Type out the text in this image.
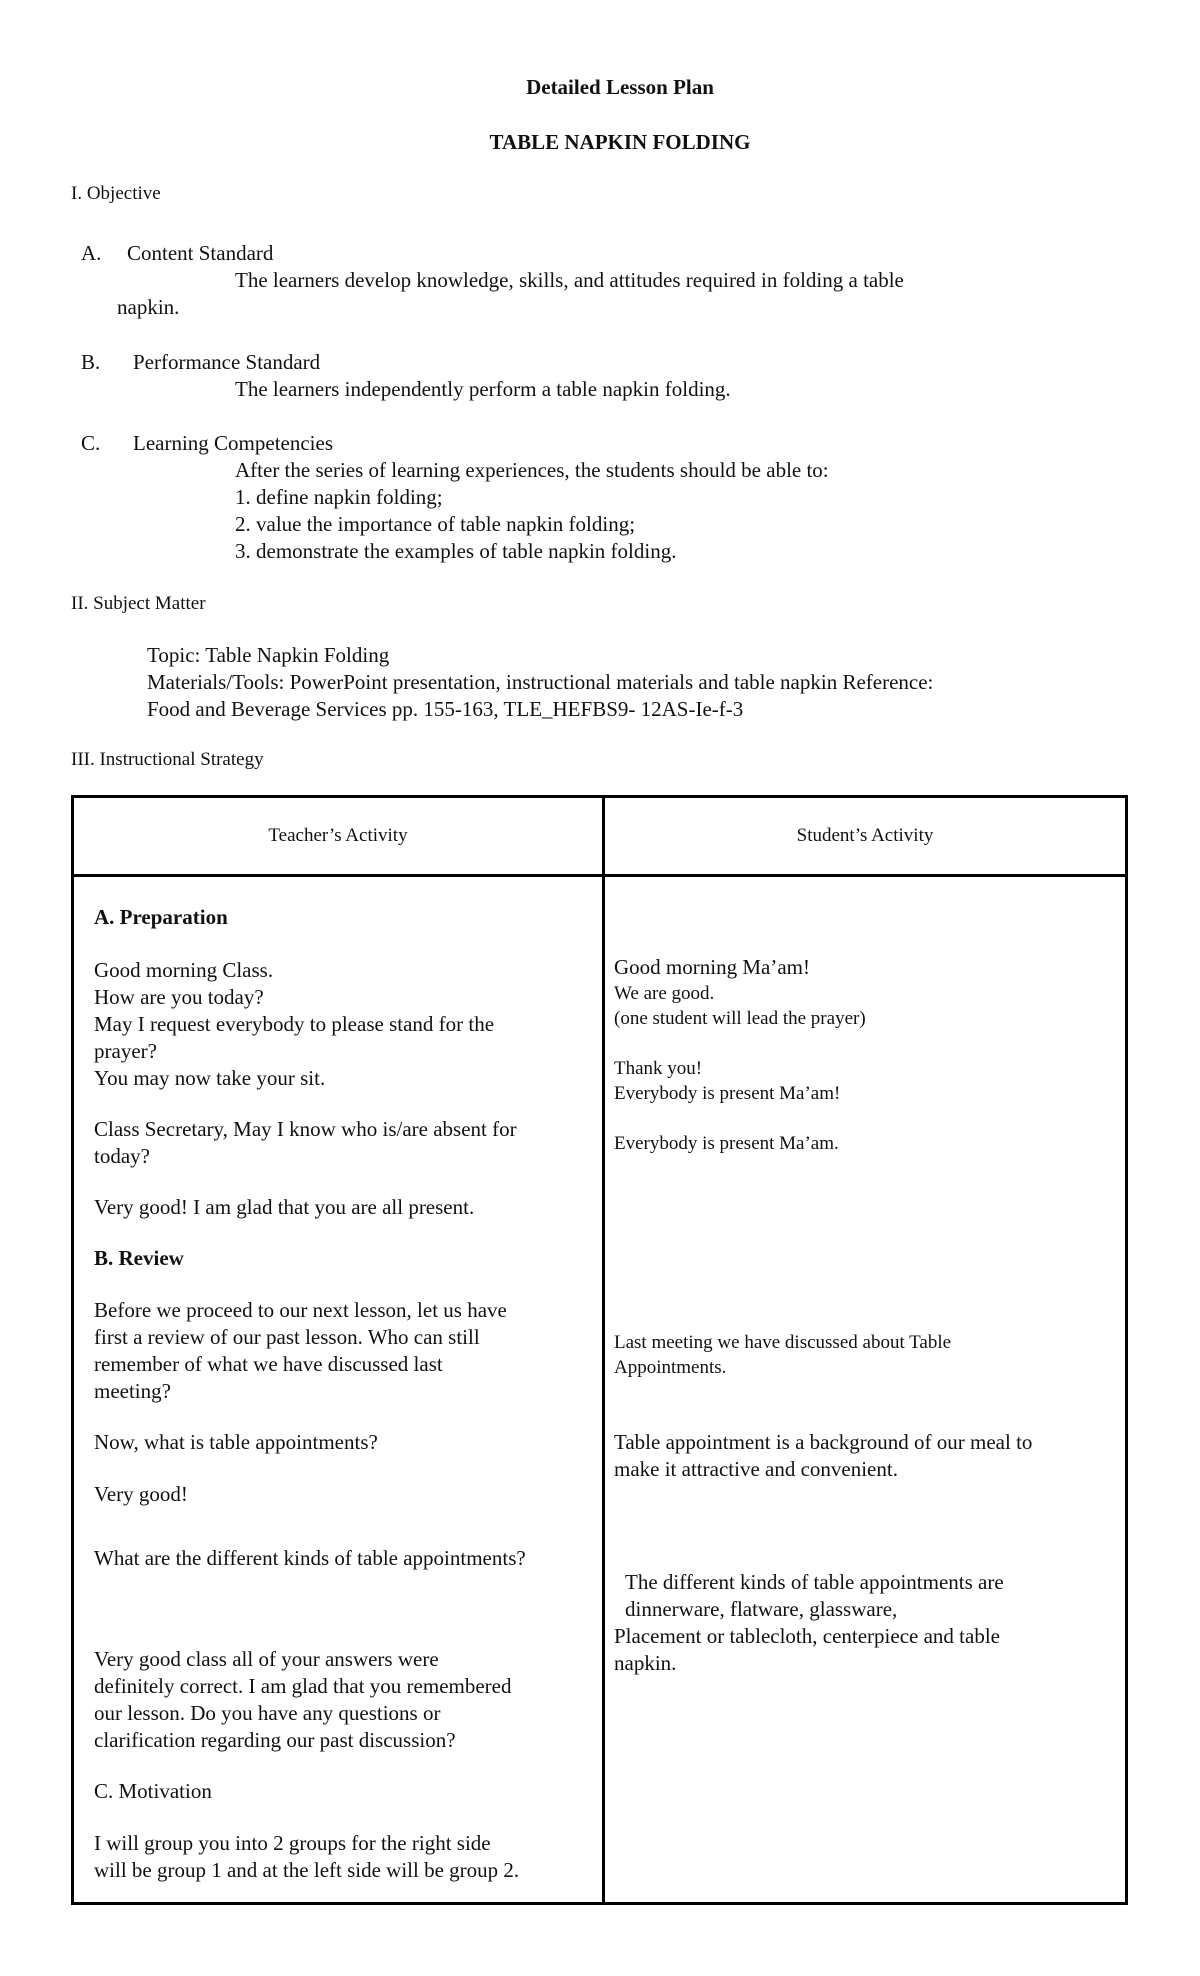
Detailed Lesson Plan
TABLE NAPKIN FOLDING
I. Objective
A. Content Standard
The learners develop knowledge, skills, and attitudes required in folding a table
napkin.
B. Performance Standard
The learners independently perform a table napkin folding.
C. Learning Competencies
After the series of learning experiences, the students should be able to:
1. define napkin folding;
2. value the importance of table napkin folding;
3. demonstrate the examples of table napkin folding.
II. Subject Matter
Topic: Table Napkin Folding
Materials/Tools: PowerPoint presentation, instructional materials and table napkin Reference:
Food and Beverage Services pp. 155-163, TLE_HEFBS9- 12AS-Ie-f-3
III. Instructional Strategy
Teacher’s Activity	Student’s Activity
A. Preparation
Good morning Class.
How are you today?
May I request everybody to please stand for the
prayer?
You may now take your sit.
Class Secretary, May I know who is/are absent for
today?
Very good! I am glad that you are all present.
B. Review
Before we proceed to our next lesson, let us have
first a review of our past lesson. Who can still
remember of what we have discussed last
meeting?
Now, what is table appointments?
Very good!
What are the different kinds of table appointments?
Very good class all of your answers were
definitely correct. I am glad that you remembered
our lesson. Do you have any questions or
clarification regarding our past discussion?
C. Motivation
I will group you into 2 groups for the right side
will be group 1 and at the left side will be group 2.
Good morning Ma’am!
We are good.
(one student will lead the prayer)
Thank you!
Everybody is present Ma’am!
Everybody is present Ma’am.
Last meeting we have discussed about Table
Appointments.
Table appointment is a background of our meal to
make it attractive and convenient.
The different kinds of table appointments are
dinnerware, flatware, glassware,
Placement or tablecloth, centerpiece and table
napkin.
